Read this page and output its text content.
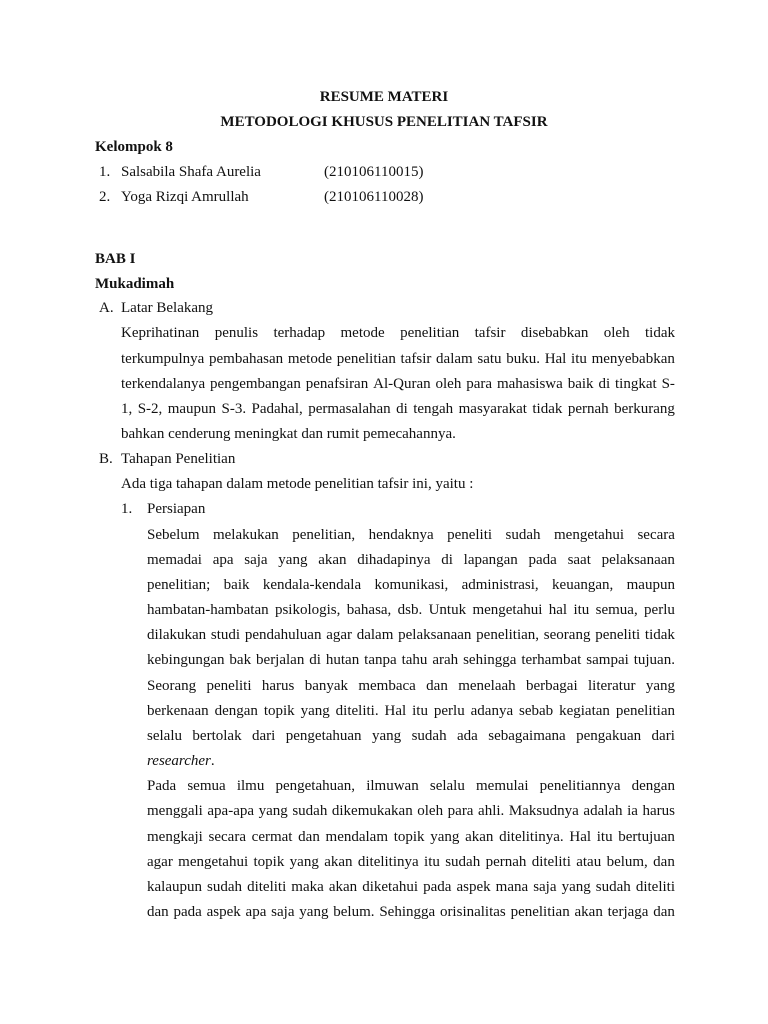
RESUME MATERI
METODOLOGI KHUSUS PENELITIAN TAFSIR
Kelompok 8
1. Salsabila Shafa Aurelia	(210106110015)
2. Yoga Rizqi Amrullah	(210106110028)
BAB I
Mukadimah
A. Latar Belakang
Keprihatinan penulis terhadap metode penelitian tafsir disebabkan oleh tidak
terkumpulnya pembahasan metode penelitian tafsir dalam satu buku. Hal itu menyebabkan
terkendalanya pengembangan penafsiran Al-Quran oleh para mahasiswa baik di tingkat S-
1, S-2, maupun S-3. Padahal, permasalahan di tengah masyarakat tidak pernah berkurang
bahkan cenderung meningkat dan rumit pemecahannya.
B. Tahapan Penelitian
Ada tiga tahapan dalam metode penelitian tafsir ini, yaitu :
1. Persiapan
Sebelum melakukan penelitian, hendaknya peneliti sudah mengetahui secara
memadai apa saja yang akan dihadapinya di lapangan pada saat pelaksanaan
penelitian; baik kendala-kendala komunikasi, administrasi, keuangan, maupun
hambatan-hambatan psikologis, bahasa, dsb. Untuk mengetahui hal itu semua, perlu
dilakukan studi pendahuluan agar dalam pelaksanaan penelitian, seorang peneliti tidak
kebingungan bak berjalan di hutan tanpa tahu arah sehingga terhambat sampai tujuan.
Seorang peneliti harus banyak membaca dan menelaah berbagai literatur yang
berkenaan dengan topik yang diteliti. Hal itu perlu adanya sebab kegiatan penelitian
selalu bertolak dari pengetahuan yang sudah ada sebagaimana pengakuan dari
researcher.
Pada semua ilmu pengetahuan, ilmuwan selalu memulai penelitiannya dengan
menggali apa-apa yang sudah dikemukakan oleh para ahli. Maksudnya adalah ia harus
mengkaji secara cermat dan mendalam topik yang akan ditelitinya. Hal itu bertujuan
agar mengetahui topik yang akan ditelitinya itu sudah pernah diteliti atau belum, dan
kalaupun sudah diteliti maka akan diketahui pada aspek mana saja yang sudah diteliti
dan pada aspek apa saja yang belum. Sehingga orisinalitas penelitian akan terjaga dan
